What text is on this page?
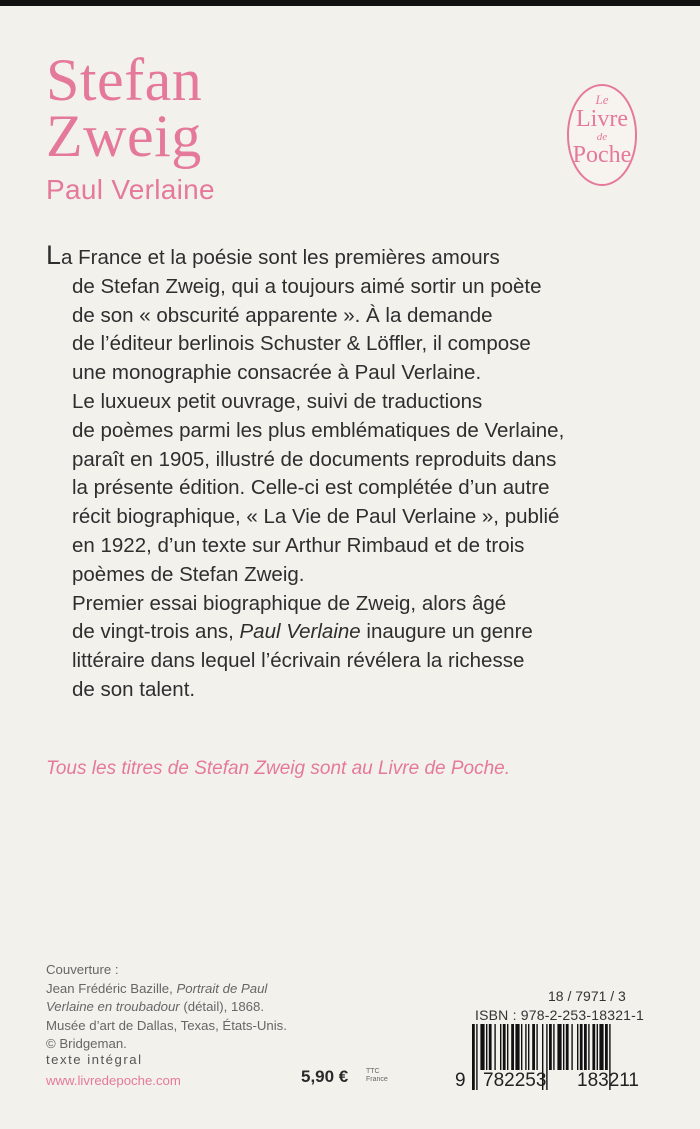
Stefan
Zweig
Paul Verlaine
Le
Livre
de
Poche

La France et la poésie sont les premières amours

de Stefan Zweig, qui a toujours aimé sortir un poète

de son « obscurité apparente ». À la demande

de l’éditeur berlinois Schuster & Löffler, il compose

une monographie consacrée à Paul Verlaine.

Le luxueux petit ouvrage, suivi de traductions

de poèmes parmi les plus emblématiques de Verlaine,

paraît en 1905, illustré de documents reproduits dans

la présente édition. Celle-ci est complétée d’un autre

récit biographique, « La Vie de Paul Verlaine », publié

en 1922, d’un texte sur Arthur Rimbaud et de trois

poèmes de Stefan Zweig.

Premier essai biographique de Zweig, alors âgé

de vingt-trois ans, Paul Verlaine inaugure un genre

littéraire dans lequel l’écrivain révélera la richesse

de son talent.

Tous les titres de Stefan Zweig sont au Livre de Poche.

Couverture :
Jean Frédéric Bazille, Portrait de Paul
Verlaine en troubadour (détail), 1868.
Musée d’art de Dallas, Texas, États-Unis.
© Bridgeman.
texte intégral
www.livredepoche.com	5,90 €	TTC
France
18 / 7971 / 3
ISBN : 978-2-253-18321-1
9 782253 183211
